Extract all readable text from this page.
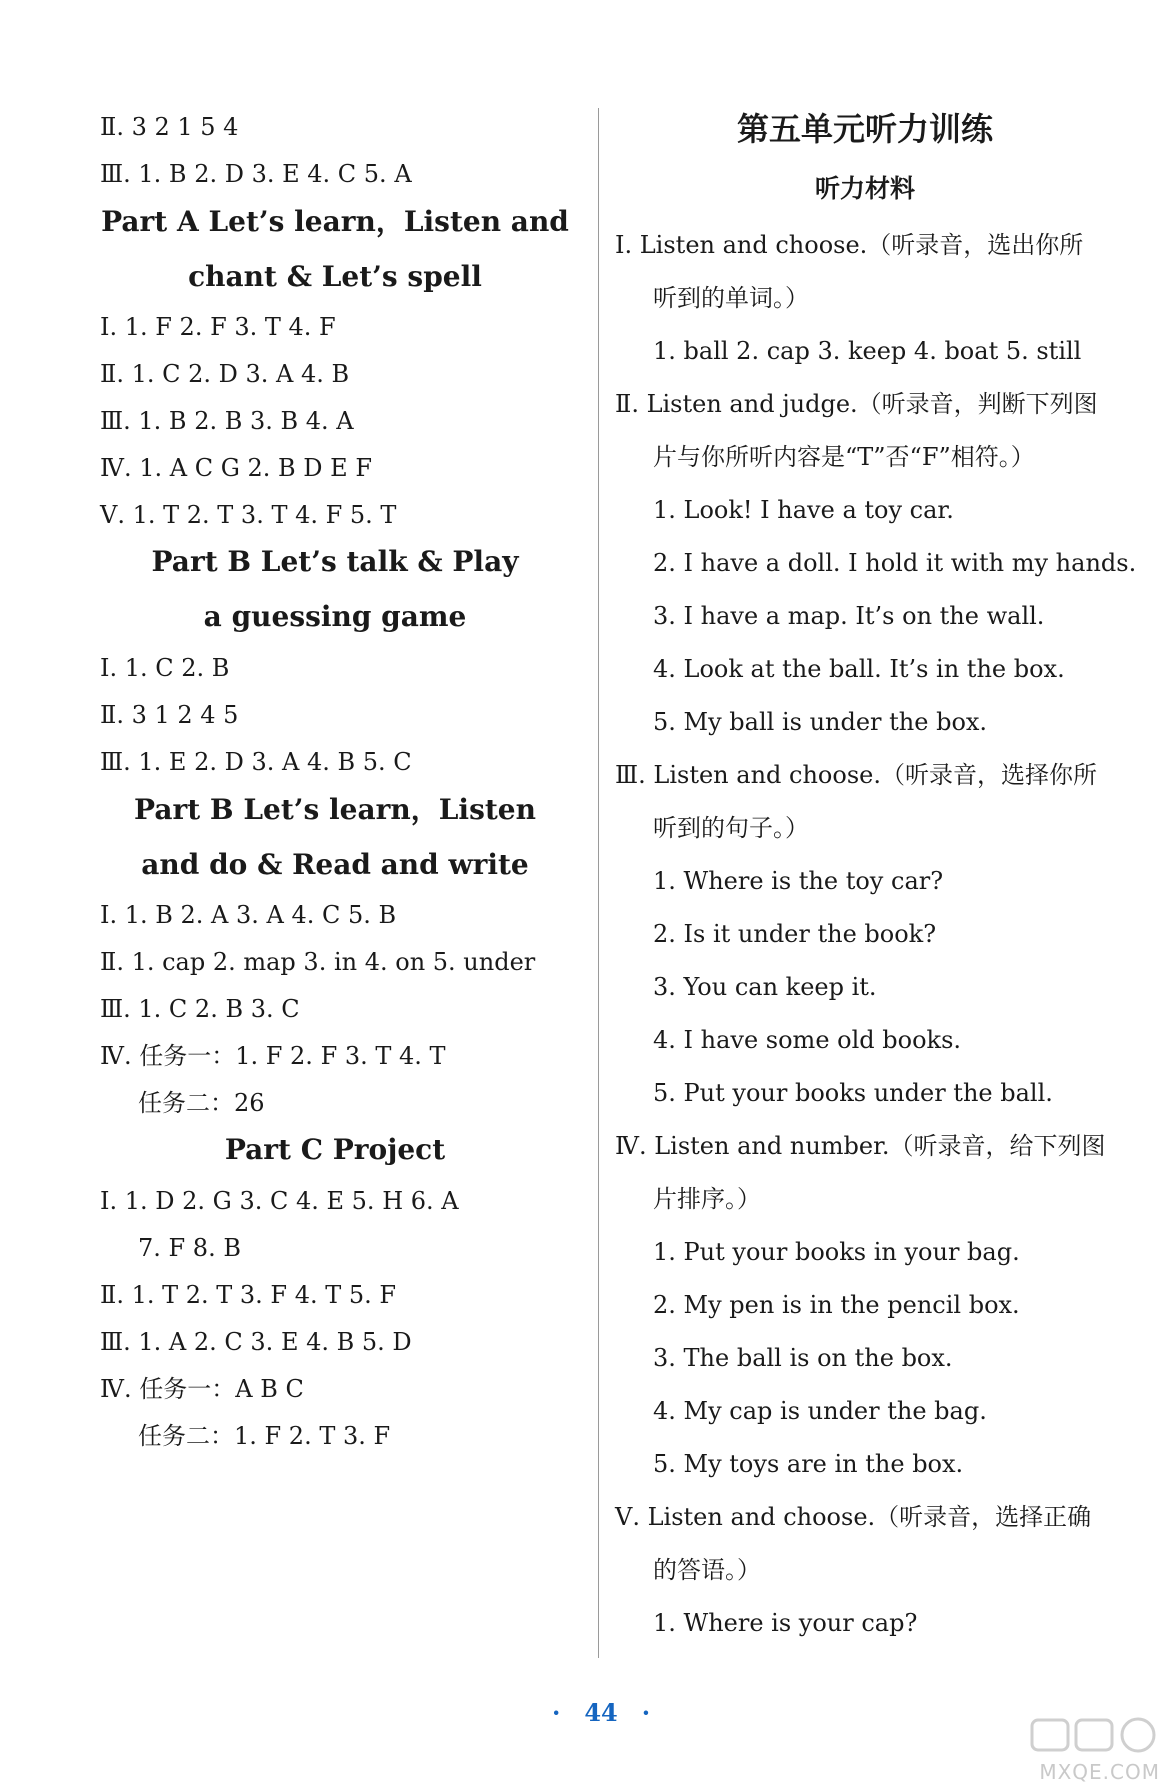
Ⅱ. 3 2 1 5 4
Ⅲ. 1. B 2. D 3. E 4. C 5. A
Part A Let’s learn，Listen and
chant & Let’s spell
Ⅰ. 1. F 2. F 3. T 4. F
Ⅱ. 1. C 2. D 3. A 4. B
Ⅲ. 1. B 2. B 3. B 4. A
Ⅳ. 1. A C G 2. B D E F
Ⅴ. 1. T 2. T 3. T 4. F 5. T
Part B Let’s talk & Play
a guessing game
Ⅰ. 1. C 2. B
Ⅱ. 3 1 2 4 5
Ⅲ. 1. E 2. D 3. A 4. B 5. C
Part B Let’s learn，Listen
and do & Read and write
Ⅰ. 1. B 2. A 3. A 4. C 5. B
Ⅱ. 1. cap 2. map 3. in 4. on 5. under
Ⅲ. 1. C 2. B 3. C
Ⅳ. 任务一：1. F 2. F 3. T 4. T
任务二：26
Part C Project
Ⅰ. 1. D 2. G 3. C 4. E 5. H 6. A
7. F 8. B
Ⅱ. 1. T 2. T 3. F 4. T 5. F
Ⅲ. 1. A 2. C 3. E 4. B 5. D
Ⅳ. 任务一：A B C
任务二：1. F 2. T 3. F
第五单元听力训练
听力材料
Ⅰ. Listen and choose.（听录音，选出你所
听到的单词。）
1. ball 2. cap 3. keep 4. boat 5. still
Ⅱ. Listen and judge.（听录音，判断下列图
片与你所听内容是“T”否“F”相符。）
1. Look! I have a toy car.
2. I have a doll. I hold it with my hands.
3. I have a map. It’s on the wall.
4. Look at the ball. It’s in the box.
5. My ball is under the box.
Ⅲ. Listen and choose.（听录音，选择你所
听到的句子。）
1. Where is the toy car?
2. Is it under the book?
3. You can keep it.
4. I have some old books.
5. Put your books under the ball.
Ⅳ. Listen and number.（听录音，给下列图
片排序。）
1. Put your books in your bag.
2. My pen is in the pencil box.
3. The ball is on the box.
4. My cap is under the bag.
5. My toys are in the box.
Ⅴ. Listen and choose.（听录音，选择正确
的答语。）
1. Where is your cap?
· 44 ·
MXQE.COM
